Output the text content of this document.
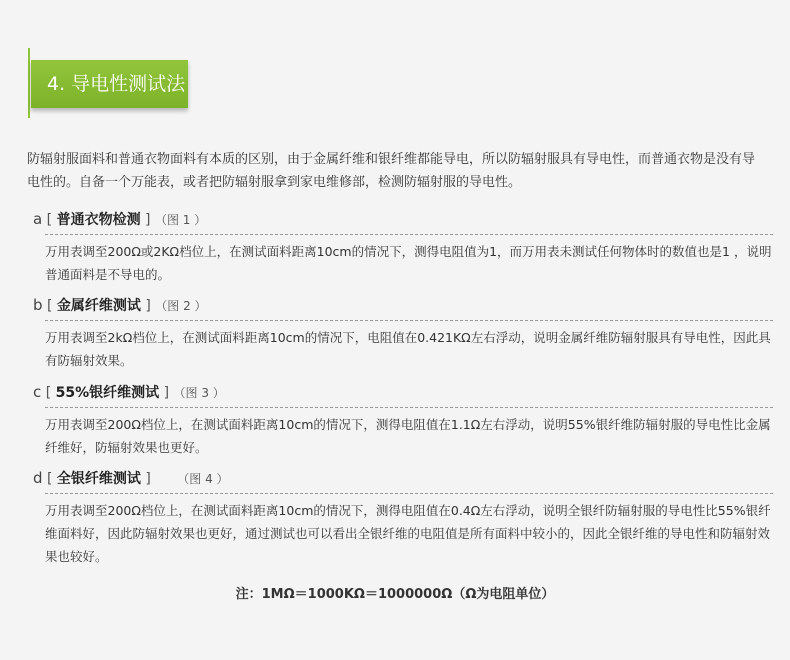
4. 导电性测试法
防辐射服面料和普通衣物面料有本质的区别，由于金属纤维和银纤维都能导电，所以防辐射服具有导电性，而普通衣物是没有导电性的。自备一个万能表，或者把防辐射服拿到家电维修部，检测防辐射服的导电性。
a [ 普通衣物检测 ] （图 1 ）
万用表调至200Ω或2KΩ档位上，在测试面料距离10cm的情况下，测得电阻值为1，而万用表未测试任何物体时的数值也是1 ，说明普通面料是不导电的。
b [ 金属纤维测试 ] （图 2 ）
万用表调至2kΩ档位上，在测试面料距离10cm的情况下，电阻值在0.421KΩ左右浮动，说明金属纤维防辐射服具有导电性，因此具有防辐射效果。
c [ 55%银纤维测试 ] （图 3 ）
万用表调至200Ω档位上，在测试面料距离10cm的情况下，测得电阻值在1.1Ω左右浮动，说明55%银纤维防辐射服的导电性比金属纤维好，防辐射效果也更好。
d [ 全银纤维测试 ] （图 4 ）
万用表调至200Ω档位上，在测试面料距离10cm的情况下，测得电阻值在0.4Ω左右浮动，说明全银纤防辐射服的导电性比55%银纤维面料好，因此防辐射效果也更好，通过测试也可以看出全银纤维的电阻值是所有面料中较小的，因此全银纤维的导电性和防辐射效果也较好。
注：1MΩ＝1000KΩ＝1000000Ω（Ω为电阻单位）
